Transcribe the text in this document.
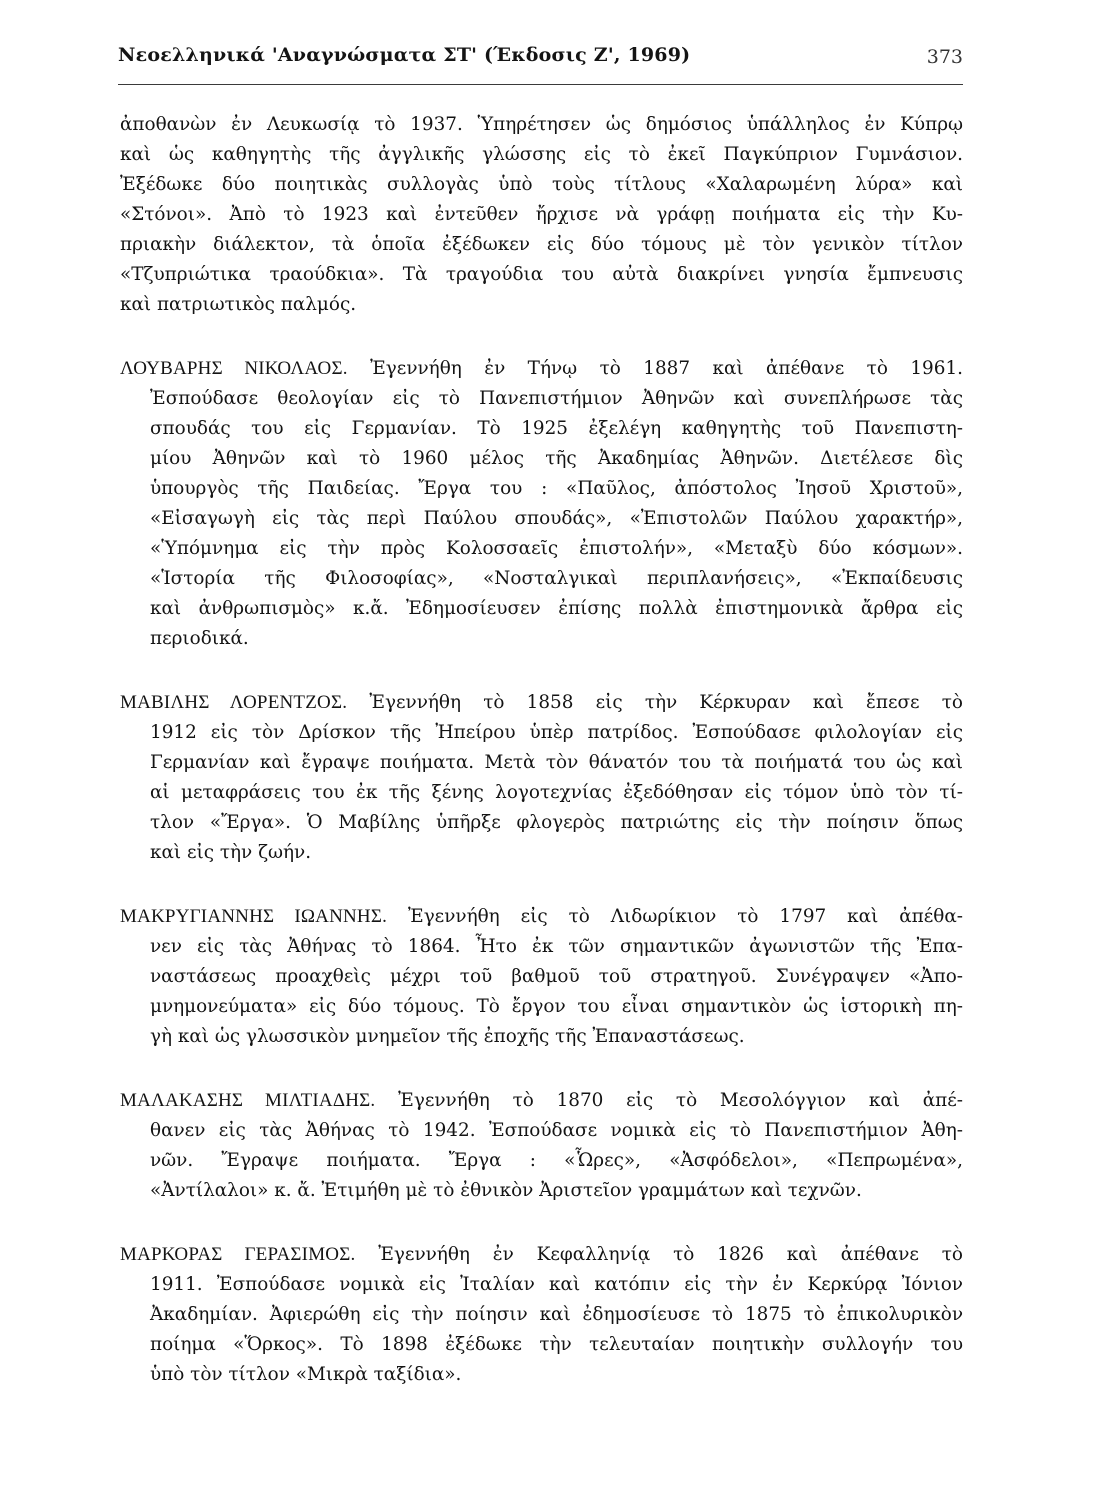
Νεοελληνικά 'Αναγνώσματα ΣΤ' (Έκδοσις Ζ', 1969)	373
ἀποθανὼν ἐν Λευκωσίᾳ τὸ 1937. Ὑπηρέτησεν ὡς δημόσιος ὑπάλληλος ἐν Κύπρῳ
καὶ ὡς καθηγητὴς τῆς ἀγγλικῆς γλώσσης εἰς τὸ ἐκεῖ Παγκύπριον Γυμνάσιον.
Ἐξέδωκε δύο ποιητικὰς συλλογὰς ὑπὸ τοὺς τίτλους «Χαλαρωμένη λύρα» καὶ
«Στόνοι». Ἀπὸ τὸ 1923 καὶ ἐντεῦθεν ἤρχισε νὰ γράφῃ ποιήματα εἰς τὴν Κυ-
πριακὴν διάλεκτον, τὰ ὁποῖα ἐξέδωκεν εἰς δύο τόμους μὲ τὸν γενικὸν τίτλον
«Τζυπριώτικα τραούδκια». Τὰ τραγούδια του αὐτὰ διακρίνει γνησία ἔμπνευσις
καὶ πατριωτικὸς παλμός.
ΛΟΥΒΑΡΗΣ ΝΙΚΟΛΑΟΣ. Ἐγεννήθη ἐν Τήνῳ τὸ 1887 καὶ ἀπέθανε τὸ 1961.
Ἐσπούδασε θεολογίαν εἰς τὸ Πανεπιστήμιον Ἀθηνῶν καὶ συνεπλήρωσε τὰς
σπουδάς του εἰς Γερμανίαν. Τὸ 1925 ἐξελέγη καθηγητὴς τοῦ Πανεπιστη-
μίου Ἀθηνῶν καὶ τὸ 1960 μέλος τῆς Ἀκαδημίας Ἀθηνῶν. Διετέλεσε δὶς
ὑπουργὸς τῆς Παιδείας. Ἔργα του : «Παῦλος, ἀπόστολος Ἰησοῦ Χριστοῦ»,
«Εἰσαγωγὴ εἰς τὰς περὶ Παύλου σπουδάς», «Ἐπιστολῶν Παύλου χαρακτήρ»,
«Ὑπόμνημα εἰς τὴν πρὸς Κολοσσαεῖς ἐπιστολήν», «Μεταξὺ δύο κόσμων».
«Ἱστορία τῆς Φιλοσοφίας», «Νοσταλγικαὶ περιπλανήσεις», «Ἐκπαίδευσις
καὶ ἀνθρωπισμὸς» κ.ἄ. Ἐδημοσίευσεν ἐπίσης πολλὰ ἐπιστημονικὰ ἄρθρα εἰς
περιοδικά.
ΜΑΒΙΛΗΣ ΛΟΡΕΝΤΖΟΣ. Ἐγεννήθη τὸ 1858 εἰς τὴν Κέρκυραν καὶ ἔπεσε τὸ
1912 εἰς τὸν Δρίσκον τῆς Ἠπείρου ὑπὲρ πατρίδος. Ἐσπούδασε φιλολογίαν εἰς
Γερμανίαν καὶ ἔγραψε ποιήματα. Μετὰ τὸν θάνατόν του τὰ ποιήματά του ὡς καὶ
αἱ μεταφράσεις του ἐκ τῆς ξένης λογοτεχνίας ἐξεδόθησαν εἰς τόμον ὑπὸ τὸν τί-
τλον «Ἔργα». Ὁ Μαβίλης ὑπῆρξε φλογερὸς πατριώτης εἰς τὴν ποίησιν ὅπως
καὶ εἰς τὴν ζωήν.
ΜΑΚΡΥΓΙΑΝΝΗΣ ΙΩΑΝΝΗΣ. Ἐγεννήθη εἰς τὸ Λιδωρίκιον τὸ 1797 καὶ ἀπέθα-
νεν εἰς τὰς Ἀθήνας τὸ 1864. Ἦτο ἐκ τῶν σημαντικῶν ἀγωνιστῶν τῆς Ἐπα-
ναστάσεως προαχθεὶς μέχρι τοῦ βαθμοῦ τοῦ στρατηγοῦ. Συνέγραψεν «Ἀπο-
μνημονεύματα» εἰς δύο τόμους. Τὸ ἔργον του εἶναι σημαντικὸν ὡς ἱστορικὴ πη-
γὴ καὶ ὡς γλωσσικὸν μνημεῖον τῆς ἐποχῆς τῆς Ἐπαναστάσεως.
ΜΑΛΑΚΑΣΗΣ ΜΙΛΤΙΑΔΗΣ. Ἐγεννήθη τὸ 1870 εἰς τὸ Μεσολόγγιον καὶ ἀπέ-
θανεν εἰς τὰς Ἀθήνας τὸ 1942. Ἐσπούδασε νομικὰ εἰς τὸ Πανεπιστήμιον Ἀθη-
νῶν. Ἔγραψε ποιήματα. Ἔργα : «Ὧρες», «Ἀσφόδελοι», «Πεπρωμένα»,
«Ἀντίλαλοι» κ. ἄ. Ἐτιμήθη μὲ τὸ ἐθνικὸν Ἀριστεῖον γραμμάτων καὶ τεχνῶν.
ΜΑΡΚΟΡΑΣ ΓΕΡΑΣΙΜΟΣ. Ἐγεννήθη ἐν Κεφαλληνίᾳ τὸ 1826 καὶ ἀπέθανε τὸ
1911. Ἐσπούδασε νομικὰ εἰς Ἰταλίαν καὶ κατόπιν εἰς τὴν ἐν Κερκύρᾳ Ἰόνιον
Ἀκαδημίαν. Ἀφιερώθη εἰς τὴν ποίησιν καὶ ἐδημοσίευσε τὸ 1875 τὸ ἐπικολυρικὸν
ποίημα «Ὅρκος». Τὸ 1898 ἐξέδωκε τὴν τελευταίαν ποιητικὴν συλλογήν του
ὑπὸ τὸν τίτλον «Μικρὰ ταξίδια».
